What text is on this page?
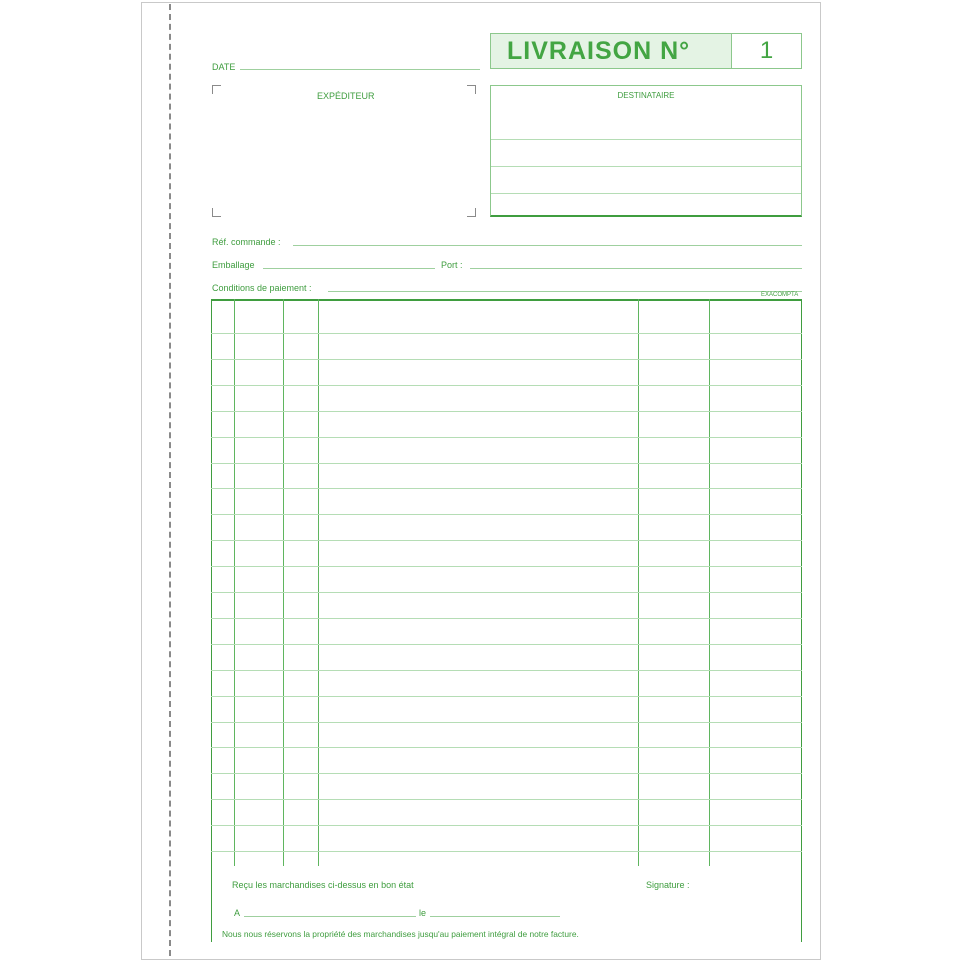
DATE
LIVRAISON N°	1
EXPÉDITEUR	DESTINATAIRE
Réf. commande :
Emballage	Port :
Conditions de paiement :
EXACOMPTA
Reçu les marchandises ci-dessus en bon état	Signature :
A	le
Nous nous réservons la propriété des marchandises jusqu'au paiement intégral de notre facture.
